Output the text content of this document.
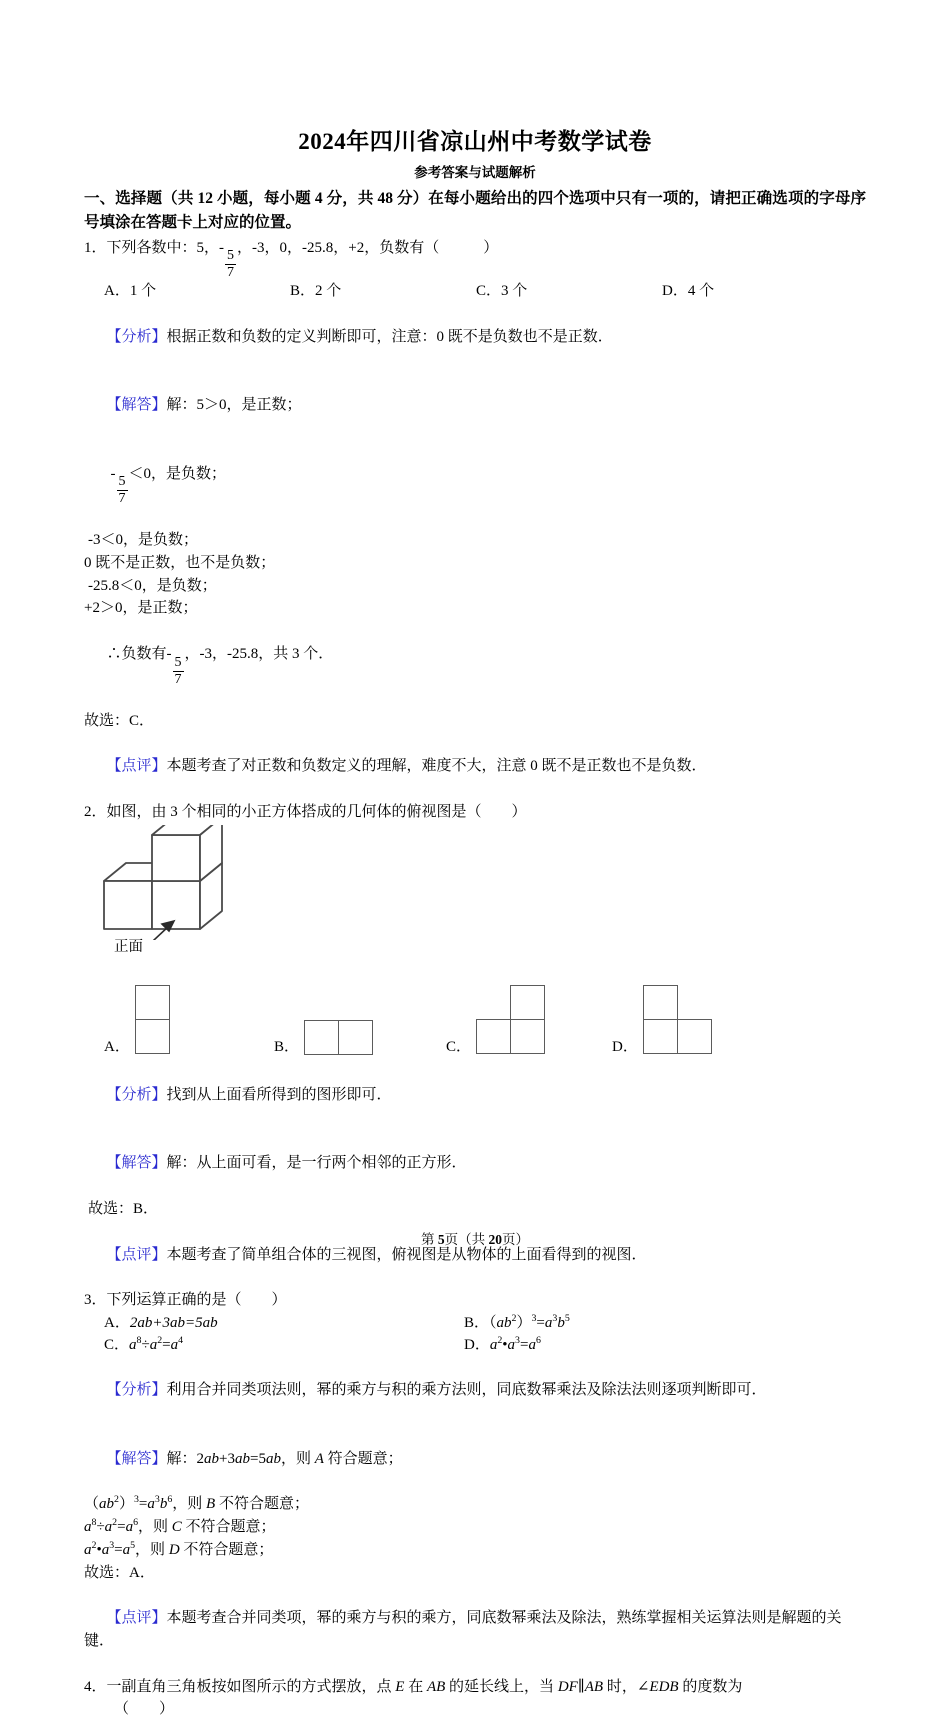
2024年四川省凉山州中考数学试卷
参考答案与试题解析
一、选择题（共 12 小题，每小题 4 分，共 48 分）在每小题给出的四个选项中只有一项的，请把正确选项的字母序号填涂在答题卡上对应的位置。
1．下列各数中：5，-
$\frac{5}{7}$
，-3，0，-25.8，+2，负数有（	）
A．1 个	B．2 个	C．3 个	D．4 个

【分析】根据正数和负数的定义判断即可，注意：0 既不是负数也不是正数．

【解答】解：5＞0，是正数；

-
$\frac{5}{7}$
＜0，是负数；

-3＜0，是负数；
0 既不是正数，也不是负数；
-25.8＜0，是负数；
+2＞0，是正数；

∴负数有-
$\frac{5}{7}$
，-3，-25.8，共 3 个．

故选：C．

【点评】本题考查了对正数和负数定义的理解，难度不大，注意 0 既不是正数也不是负数．

2．如图，由 3 个相同的小正方体搭成的几何体的俯视图是（　　）
正面
A．	B．	C．	D．

【分析】找到从上面看所得到的图形即可．

【解答】解：从上面可看，是一行两个相邻的正方形．

故选：B．

【点评】本题考查了简单组合体的三视图，俯视图是从物体的上面看得到的视图．

3．下列运算正确的是（　　）
A．2ab+3ab=5ab	B．$(ab^2)^3=a^3b^5$
C．$a^8\div a^2=a^4$	D．$a^2•a^3=a^6$

【分析】利用合并同类项法则，幂的乘方与积的乘方法则，同底数幂乘法及除法法则逐项判断即可．

【解答】解：2ab+3ab=5ab，则 A 符合题意；

$(ab^2)^3=a^3b^6$，则 B 不符合题意；
$a^8\div a^2=a^6$，则 C 不符合题意；
$a^2•a^3=a^5$，则 D 不符合题意；
故选：A．

【点评】本题考查合并同类项，幂的乘方与积的乘方，同底数幂乘法及除法，熟练掌握相关运算法则是解题的关键．

4．一副直角三角板按如图所示的方式摆放，点 E 在 AB 的延长线上，当 DF∥AB 时，∠EDB 的度数为
（　　）
第 5页（共 20页）
